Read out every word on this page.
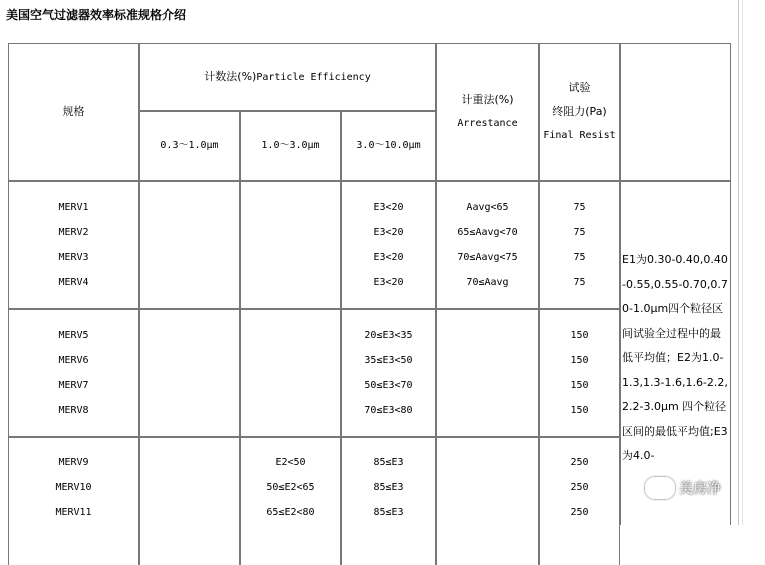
美国空气过滤器效率标准规格介绍
规格
计数法(%)Particle Efficiency
0.3～1.0μm	1.0～3.0μm	3.0～10.0μm
计重法(%)
Arrestance
试验
终阻力(Pa)
Final Resist
MERV1
MERV2
MERV3
MERV4
E3<20
E3<20
E3<20
E3<20
Aavg<65
65≤Aavg<70
70≤Aavg<75
70≤Aavg
75
75
75
75
MERV5
MERV6
MERV7
MERV8
20≤E3<35
35≤E3<50
50≤E3<70
70≤E3<80
150
150
150
150
MERV9
MERV10
MERV11
E2<50
50≤E2<65
65≤E2<80
85≤E3
85≤E3
85≤E3
250
250
250
E1为0.30-0.40,0.40-0.55,0.55-0.70,0.70-1.0μm四个粒径区间试验全过程中的最低平均值；E2为1.0-1.3,1.3-1.6,1.6-2.2,2.2-3.0μm 四个粒径区间的最低平均值;E3为4.0-
美房净
